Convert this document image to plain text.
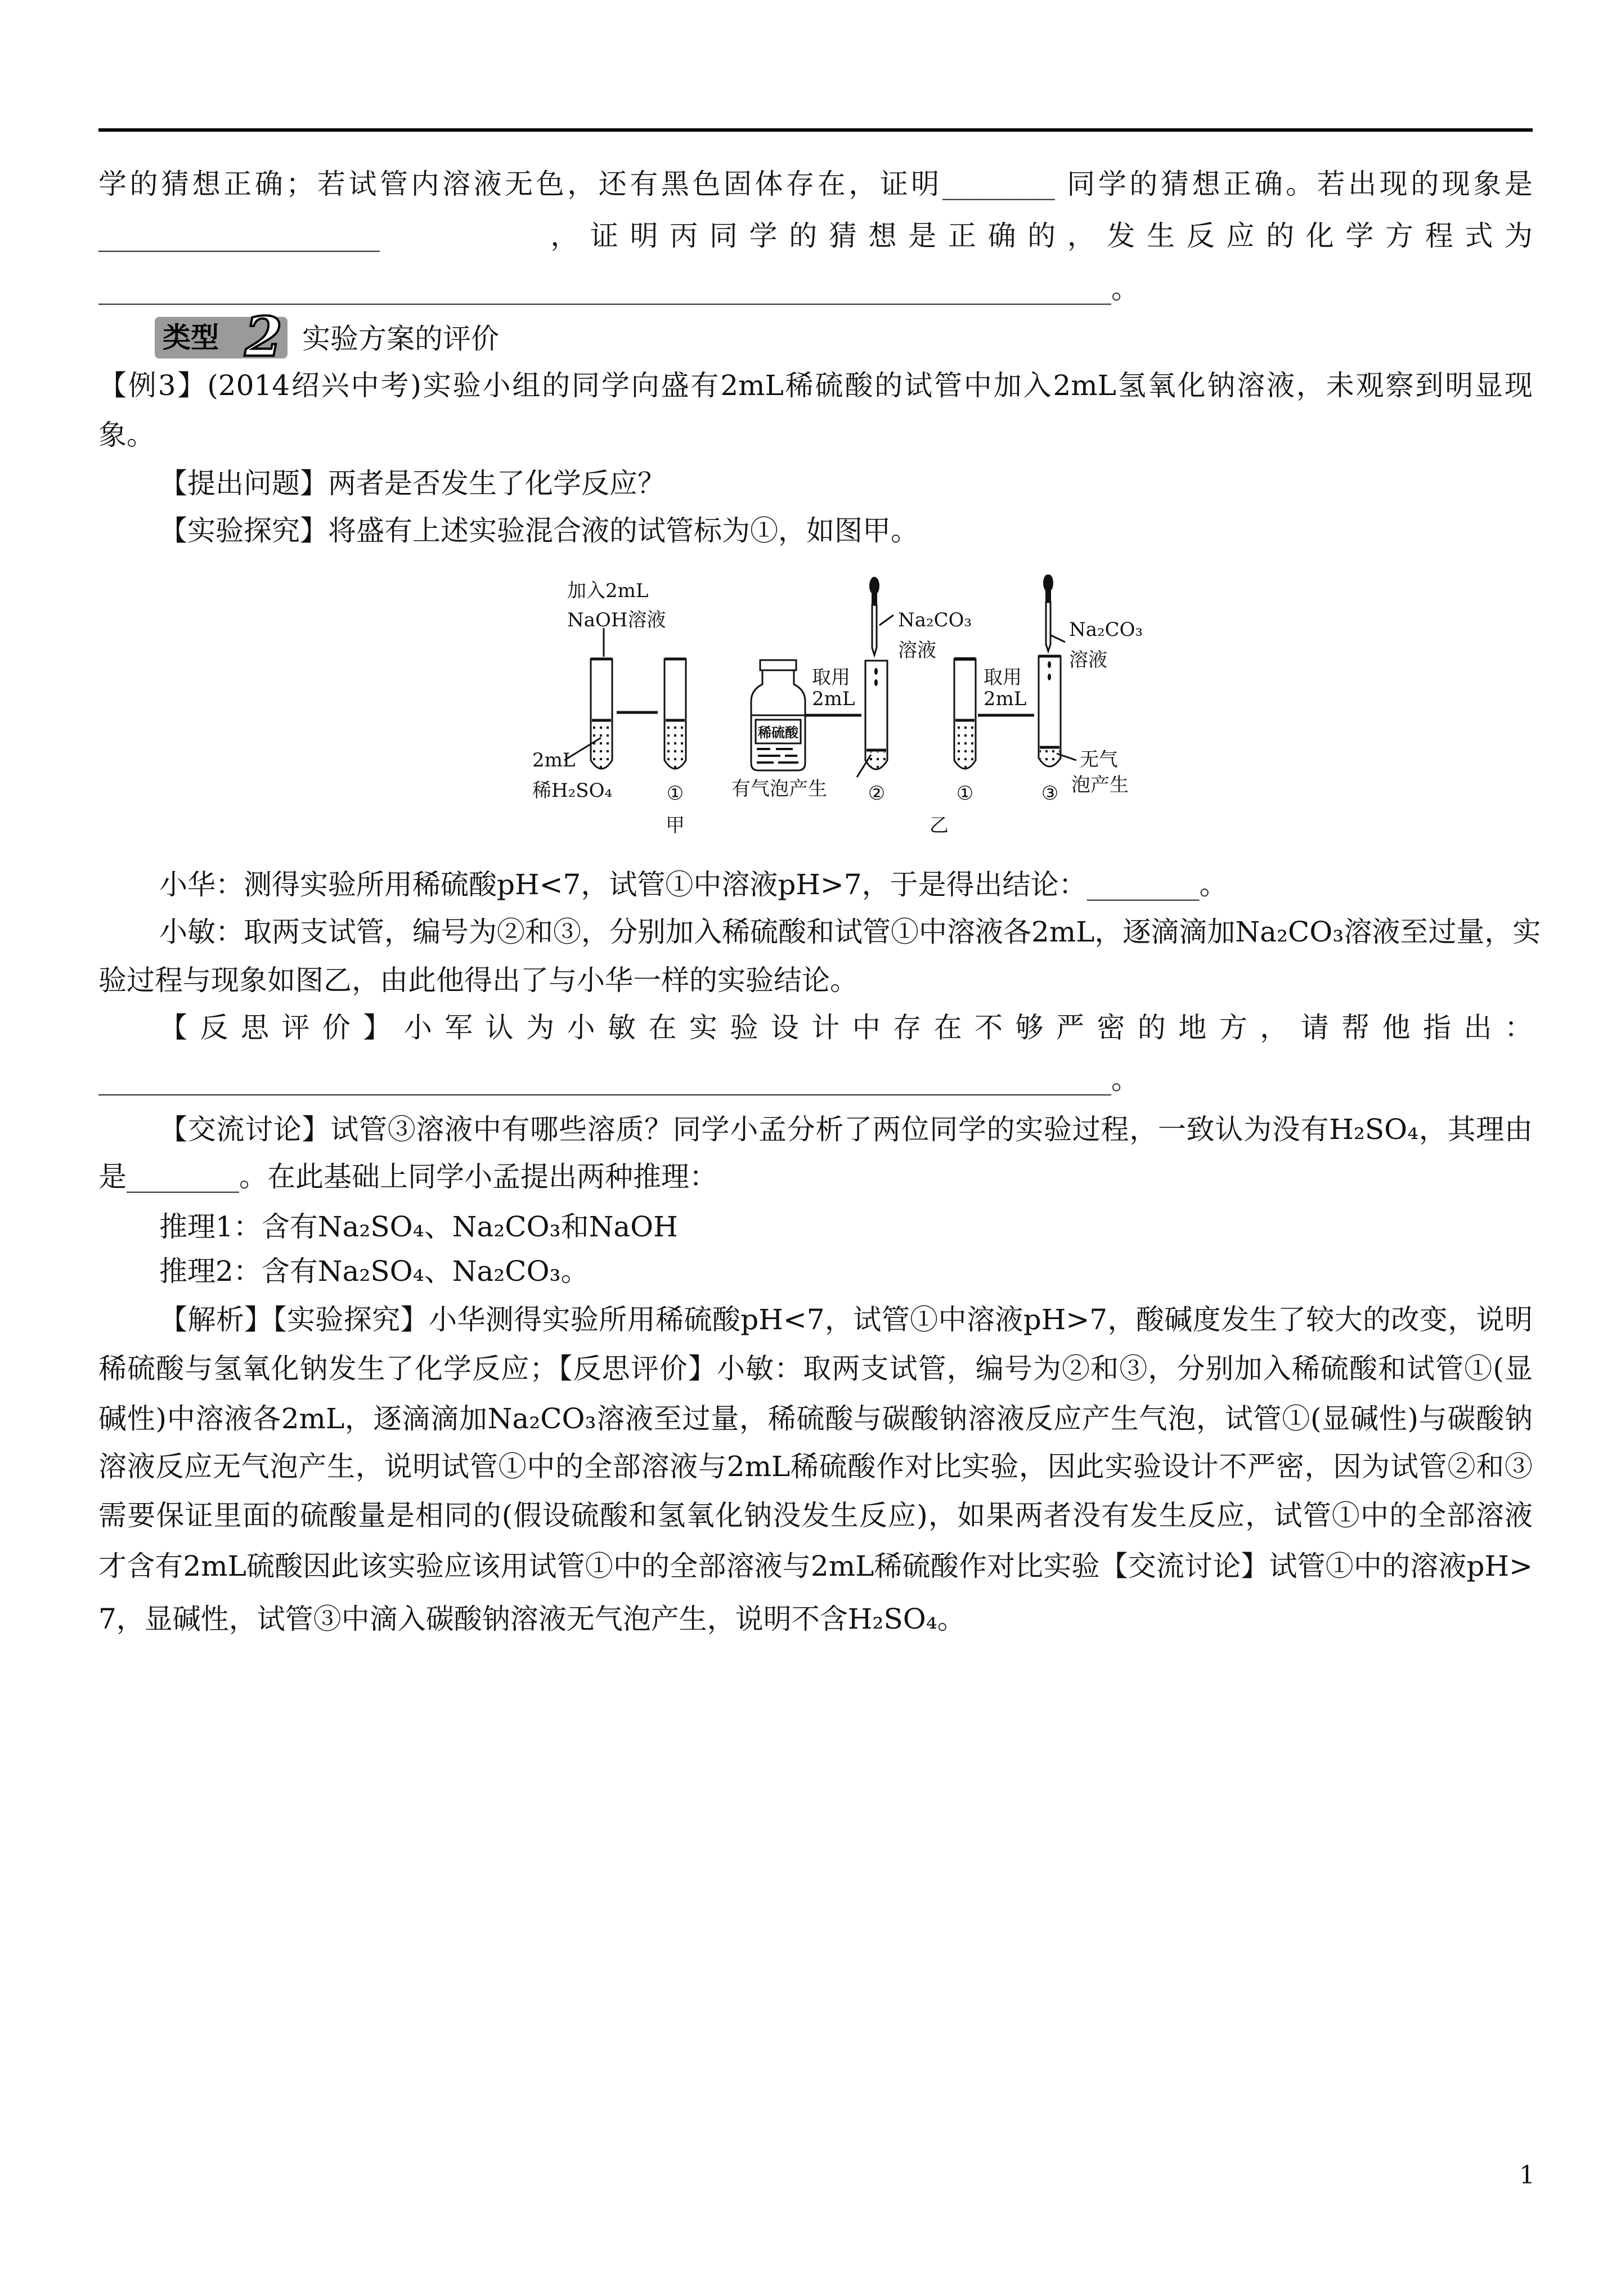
学的猜想正确；若试管内溶液无色，还有黑色固体存在，证明________ 同学的猜想正确。若出现的现象是
____________________　　　　，证明丙同学的猜想是正确的，发生反应的化学方程式为
________________________________________________________________________。
类型 2 实验方案的评价
【例3】(2014绍兴中考)实验小组的同学向盛有2mL稀硫酸的试管中加入2mL氢氧化钠溶液，未观察到明显现
象。
【提出问题】两者是否发生了化学反应？
【实验探究】将盛有上述实验混合液的试管标为①，如图甲。
加入2mL
NaOH溶液
2mL
稀H₂SO₄	①
甲
稀硫酸
取用
2mL
Na₂CO₃
溶液
有气泡产生 ②
取用
2mL
Na₂CO₃
溶液
①	③
无气
泡产生
乙
小华：测得实验所用稀硫酸pH<7，试管①中溶液pH>7，于是得出结论：________。
小敏：取两支试管，编号为②和③，分别加入稀硫酸和试管①中溶液各2mL，逐滴滴加Na₂CO₃溶液至过量，实
验过程与现象如图乙，由此他得出了与小华一样的实验结论。
【反思评价】小军认为小敏在实验设计中存在不够严密的地方，请帮他指出：
________________________________________________________________________。
【交流讨论】试管③溶液中有哪些溶质？同学小孟分析了两位同学的实验过程，一致认为没有H₂SO₄，其理由
是________。在此基础上同学小孟提出两种推理：
推理1：含有Na₂SO₄、Na₂CO₃和NaOH
推理2：含有Na₂SO₄、Na₂CO₃。
【解析】【实验探究】小华测得实验所用稀硫酸pH<7，试管①中溶液pH>7，酸碱度发生了较大的改变，说明
稀硫酸与氢氧化钠发生了化学反应；【反思评价】小敏：取两支试管，编号为②和③，分别加入稀硫酸和试管①(显
碱性)中溶液各2mL，逐滴滴加Na₂CO₃溶液至过量，稀硫酸与碳酸钠溶液反应产生气泡，试管①(显碱性)与碳酸钠
溶液反应无气泡产生，说明试管①中的全部溶液与2mL稀硫酸作对比实验，因此实验设计不严密，因为试管②和③
需要保证里面的硫酸量是相同的(假设硫酸和氢氧化钠没发生反应)，如果两者没有发生反应，试管①中的全部溶液
才含有2mL硫酸因此该实验应该用试管①中的全部溶液与2mL稀硫酸作对比实验【交流讨论】试管①中的溶液pH>
7，显碱性，试管③中滴入碳酸钠溶液无气泡产生，说明不含H₂SO₄。
1
